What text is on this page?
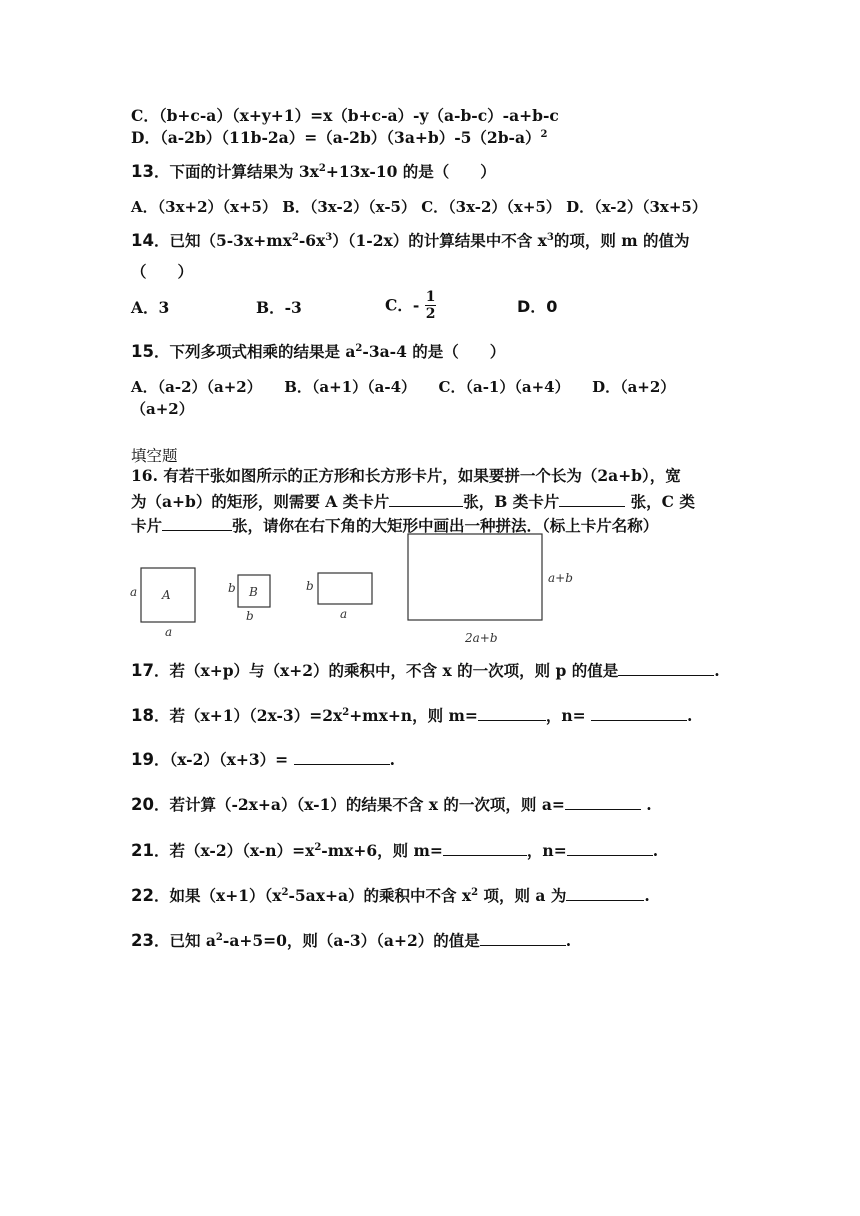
C．（b+c-a）（x+y+1）=x（b+c-a）-y（a-b-c）-a+b-c
D．$(a-2b)(11b-2a)=(a-2b)(3a+b)-5(2b-a)^2$
13．下面的计算结果为 $3x^2+13x-10$ 的是（　　）
A．（3x+2）（x+5） B．（3x-2）（x-5） C．（3x-2）（x+5） D．（x-2）（3x+5）
14．已知$(5-3x+mx^2-6x^3)(1-2x)$的计算结果中不含 $x^3$的项，则 m 的值为
（　　）
A．3	B．-3	C．- $\frac{1}{2}$	D．0
15．下列多项式相乘的结果是 $a^2-3a-4$ 的是（　　）
A．（a-2）（a+2）　　B．（a+1）（a-4）　　C．（a-1）（a+4）　　D．（a+2）
（a+2）
填空题
16. 有若干张如图所示的正方形和长方形卡片，如果要拼一个长为（2a+b），宽
为（a+b）的矩形，则需要 A 类卡片	张，B 类卡片	张，C 类
卡片	张，请你在右下角的大矩形中画出一种拼法．（标上卡片名称）
a A
a
b B
b
b
a
a+b
2a+b
17．若（x+p）与（x+2）的乘积中，不含 x 的一次项，则 p 的值是	.
18．若$(x+1)(2x-3)=2x^2+mx+n$，则 m=	，n=	.
19．（x-2）（x+3）=	.
20．若计算（-2x+a）（x-1）的结果不含 x 的一次项，则 a=	.
21．若$(x-2)(x-n)=x^2-mx+6$，则 m=	，n=	.
22．如果$(x+1)(x^2-5ax+a)$的乘积中不含 $x^2$ 项，则 a 为	.
23．已知 $a^2-a+5=0$，则（a-3）（a+2）的值是	.
